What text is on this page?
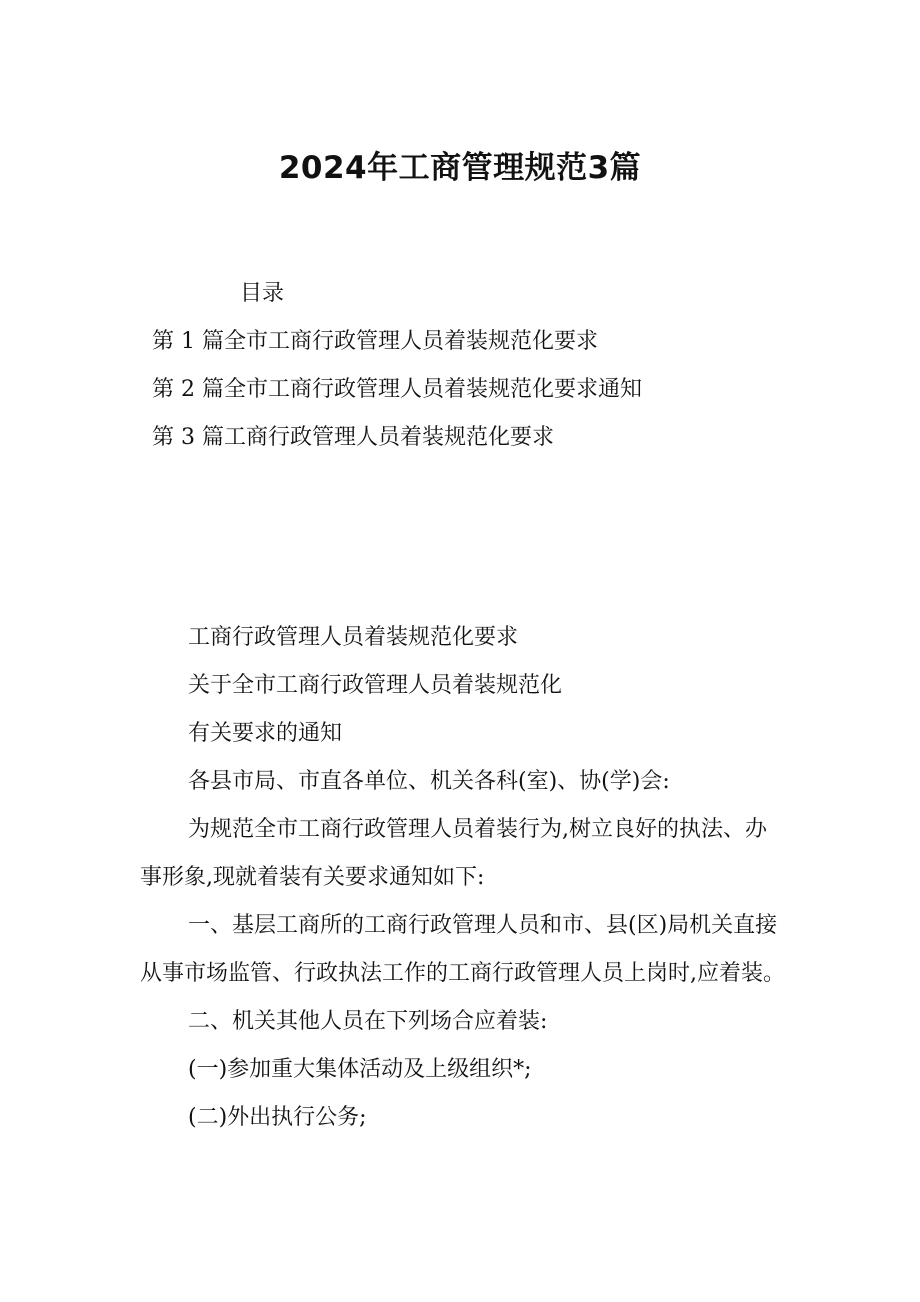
2024年工商管理规范3篇
目录
第 1 篇全市工商行政管理人员着装规范化要求
第 2 篇全市工商行政管理人员着装规范化要求通知
第 3 篇工商行政管理人员着装规范化要求

工商行政管理人员着装规范化要求

关于全市工商行政管理人员着装规范化

有关要求的通知

各县市局、市直各单位、机关各科(室)、协(学)会:

为规范全市工商行政管理人员着装行为,树立良好的执法、办事形象,现就着装有关要求通知如下:

一、基层工商所的工商行政管理人员和市、县(区)局机关直接从事市场监管、行政执法工作的工商行政管理人员上岗时,应着装。

二、机关其他人员在下列场合应着装:

(一)参加重大集体活动及上级组织*;

(二)外出执行公务;
